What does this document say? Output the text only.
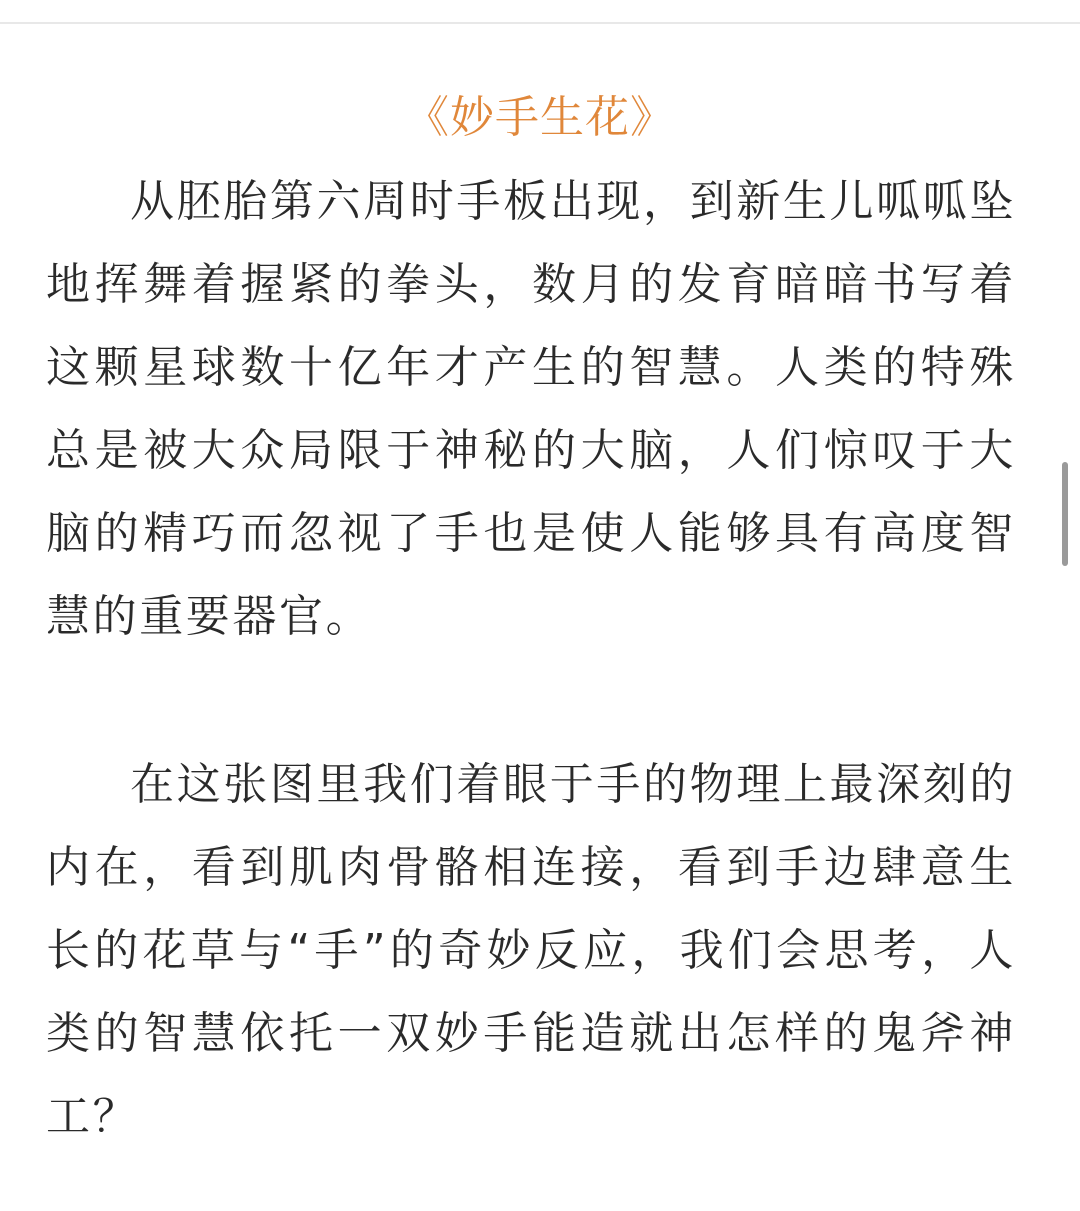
《妙手生花》

从胚胎第六周时手板出现，到新生儿呱呱坠地挥舞着握紧的拳头，数月的发育暗暗书写着这颗星球数十亿年才产生的智慧。人类的特殊总是被大众局限于神秘的大脑，人们惊叹于大脑的精巧而忽视了手也是使人能够具有高度智慧的重要器官。

在这张图里我们着眼于手的物理上最深刻的内在，看到肌肉骨骼相连接，看到手边肆意生长的花草与“手”的奇妙反应，我们会思考，人类的智慧依托一双妙手能造就出怎样的鬼斧神工？
